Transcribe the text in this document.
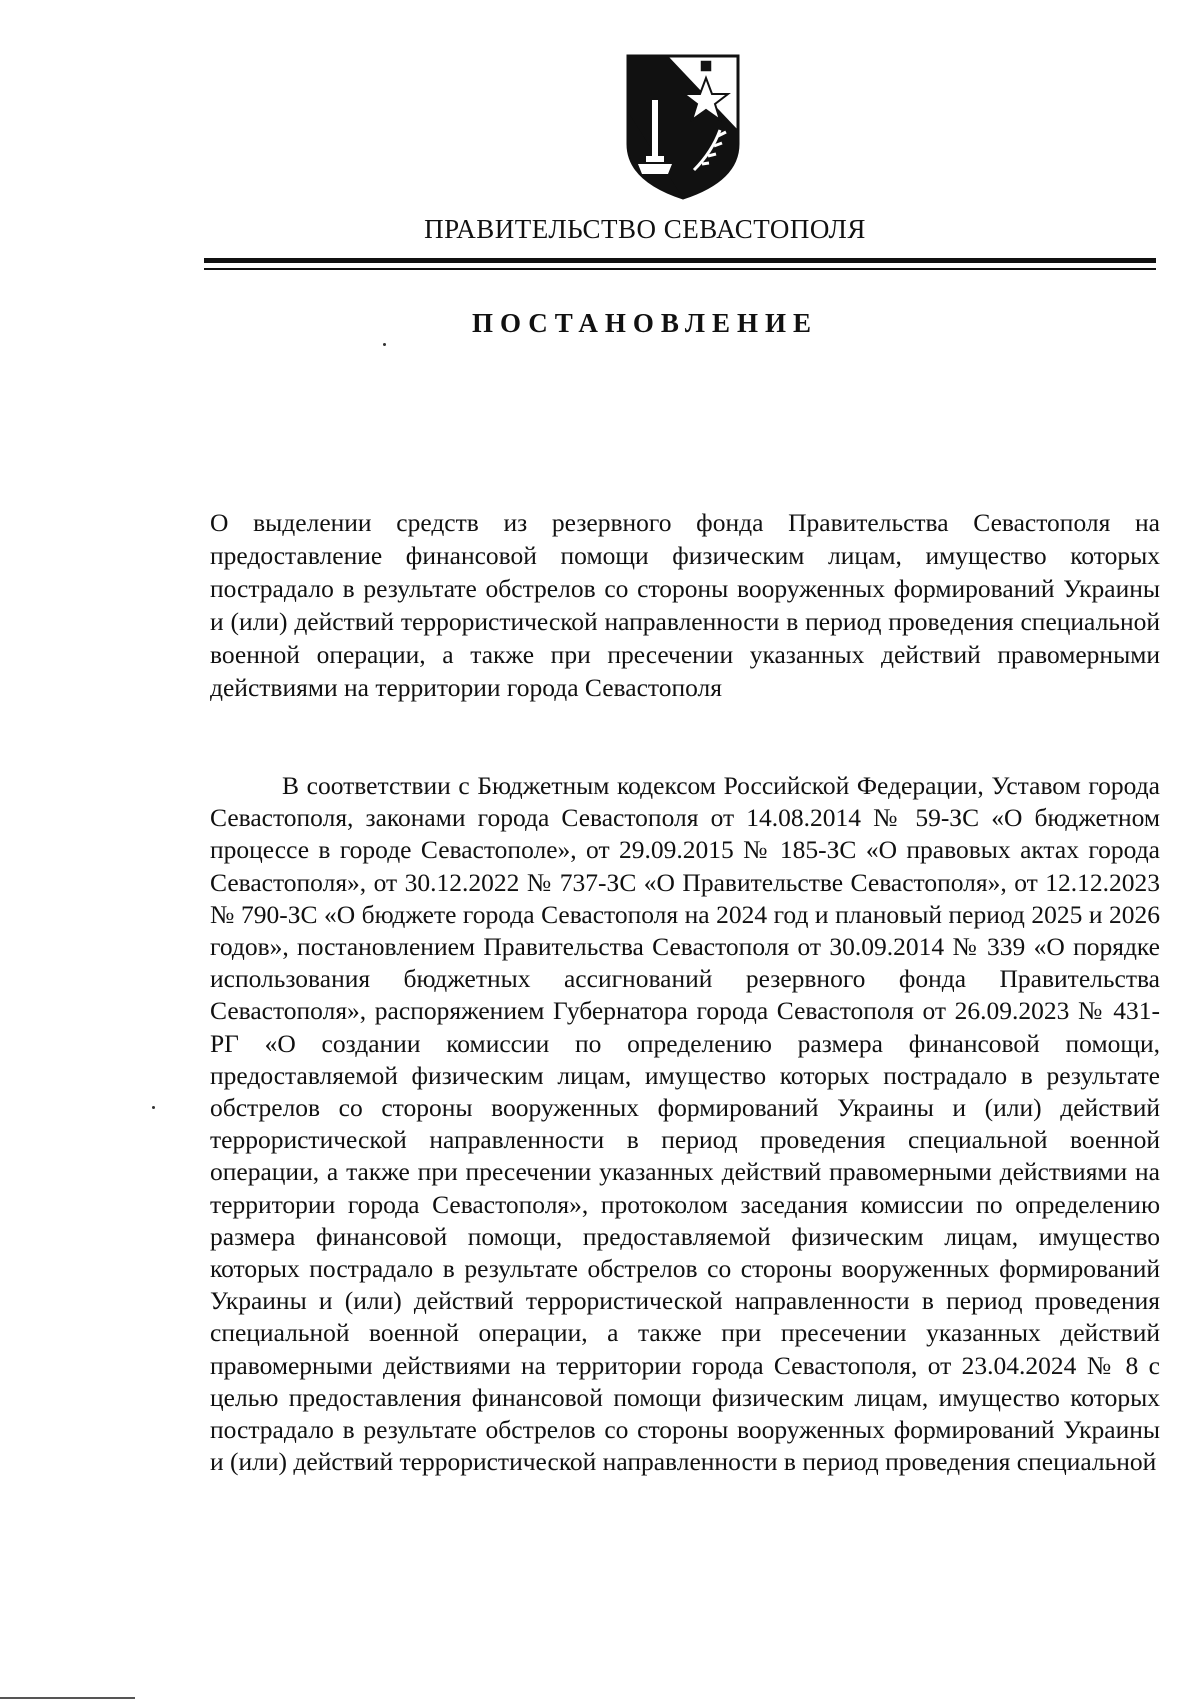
ПРАВИТЕЛЬСТВО СЕВАСТОПОЛЯ
ПОСТАНОВЛЕНИЕ

О выделении средств из резервного фонда Правительства Севастополя на предоставление финансовой помощи физическим лицам, имущество которых пострадало в результате обстрелов со стороны вооруженных формирований Украины и (или) действий террористической направленности в период проведения специальной военной операции, а также при пресечении указанных действий правомерными действиями на территории города Севастополя

В соответствии с Бюджетным кодексом Российской Федерации, Уставом города Севастополя, законами города Севастополя от 14.08.2014 № 59-ЗС «О бюджетном процессе в городе Севастополе», от 29.09.2015 № 185-ЗС «О правовых актах города Севастополя», от 30.12.2022 № 737-ЗС «О Правительстве Севастополя», от 12.12.2023 № 790-ЗС «О бюджете города Севастополя на 2024 год и плановый период 2025 и 2026 годов», постановлением Правительства Севастополя от 30.09.2014 № 339 «О порядке использования бюджетных ассигнований резервного фонда Правительства Севастополя», распоряжением Губернатора города Севастополя от 26.09.2023 № 431-РГ «О создании комиссии по определению размера финансовой помощи, предоставляемой физическим лицам, имущество которых пострадало в результате обстрелов со стороны вооруженных формирований Украины и (или) действий террористической направленности в период проведения специальной военной операции, а также при пресечении указанных действий правомерными действиями на территории города Севастополя», протоколом заседания комиссии по определению размера финансовой помощи, предоставляемой физическим лицам, имущество которых пострадало в результате обстрелов со стороны вооруженных формирований Украины и (или) действий террористической направленности в период проведения специальной военной операции, а также при пресечении указанных действий правомерными действиями на территории города Севастополя, от 23.04.2024 № 8 с целью предоставления финансовой помощи физическим лицам, имущество которых пострадало в результате обстрелов со стороны вооруженных формирований Украины и (или) действий террористической направленности в период проведения специальной
